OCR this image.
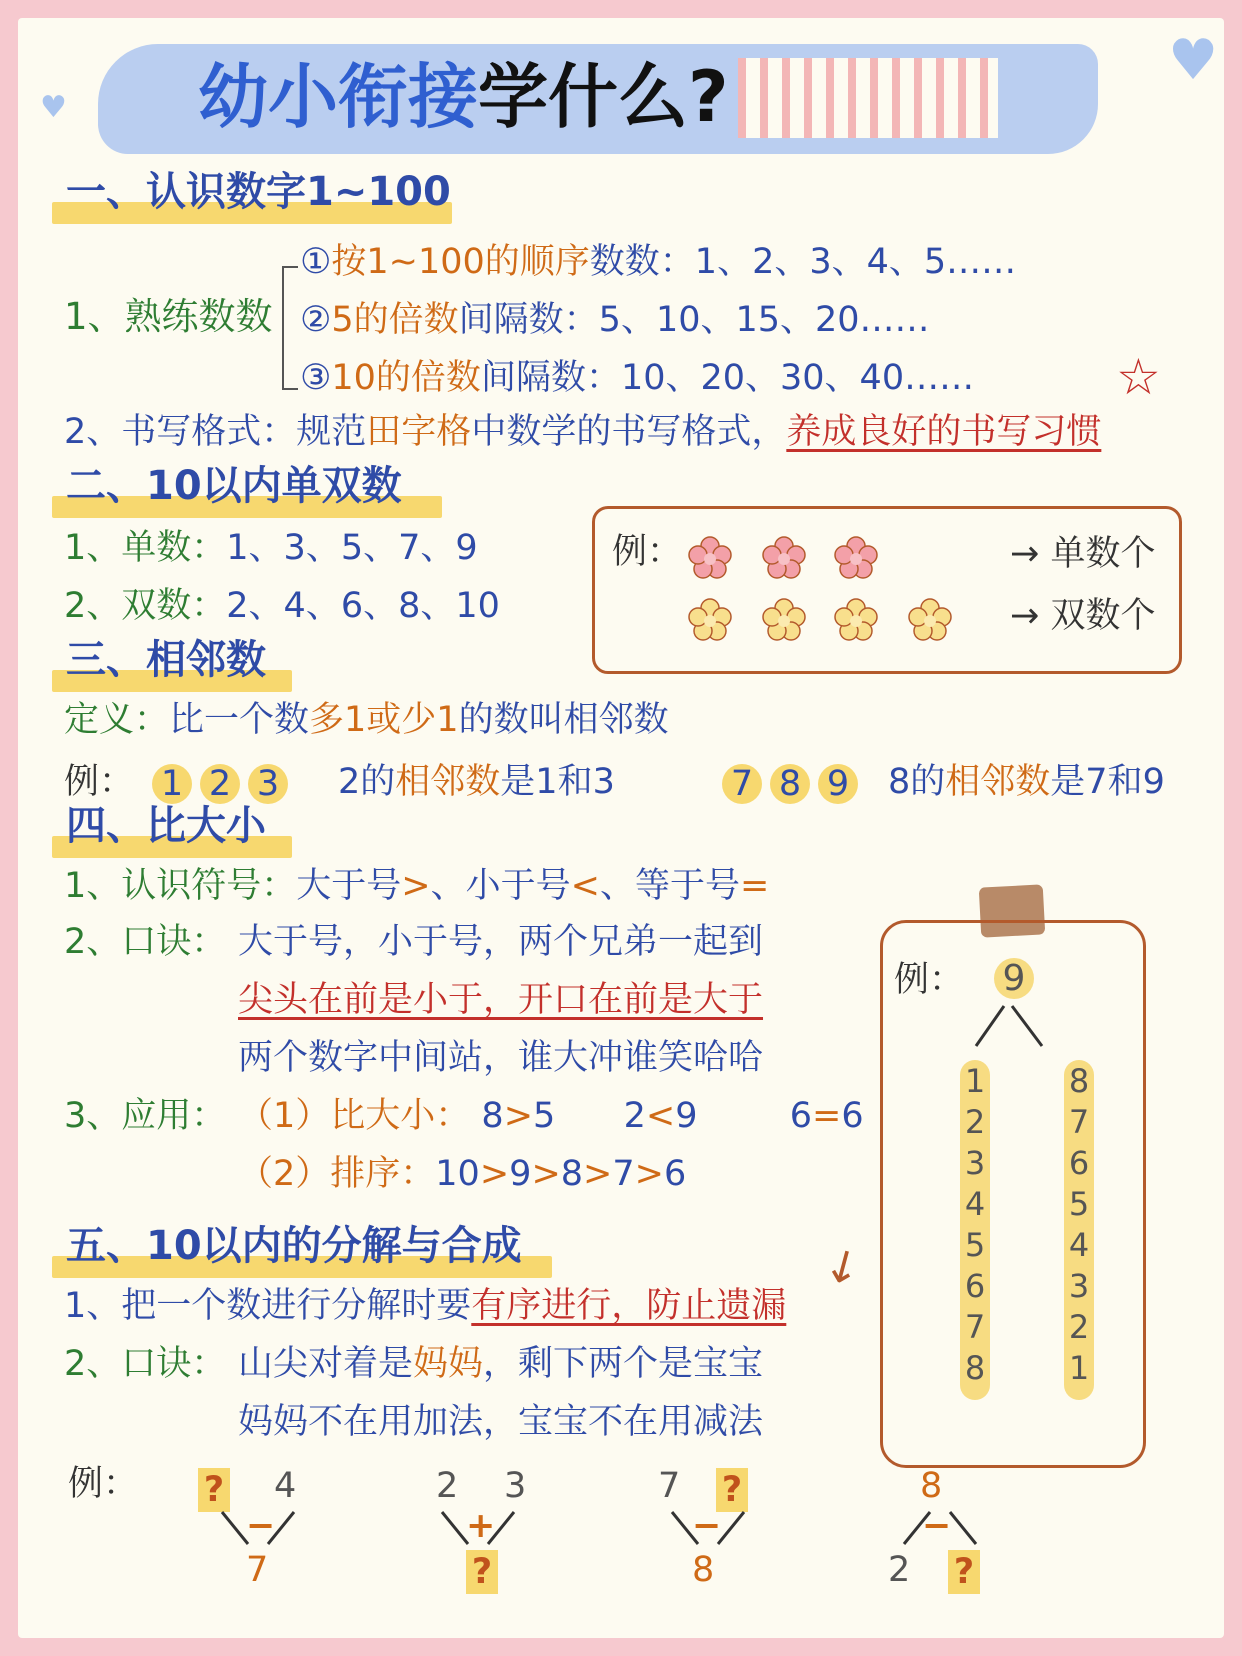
♥
♥
幼小衔接学什么?
一、认识数字1~100
1、熟练数数
①按1~100的顺序数数：1、2、3、4、5……
②5的倍数间隔数：5、10、15、20……
③10的倍数间隔数：10、20、30、40……	☆
2、书写格式：规范田字格中数学的书写格式，养成良好的书写习惯
二、10以内单双数
1、单数：1、3、5、7、9
2、双数：2、4、6、8、10
例：	→ 单数个
→ 双数个
三、相邻数
定义：比一个数多1或少1的数叫相邻数
例： 1 2 3	2的相邻数是1和3	7 8 9	8的相邻数是7和9
四、比大小
1、认识符号：大于号>、小于号<、等于号=
2、口诀： 大于号，小于号，两个兄弟一起到
尖头在前是小于，开口在前是大于
两个数字中间站，谁大冲谁笑哈哈
3、应用： （1）比大小： 8>5 2<9	6=6
（2）排序：10>9>8>7>6
例： 9
1
2
3
4
5
6
7
8
8
7
6
5
4
3
2
1
↙
五、10以内的分解与合成
1、把一个数进行分解时要有序进行，防止遗漏
2、口诀： 山尖对着是妈妈，剩下两个是宝宝
妈妈不在用加法，宝宝不在用减法
例： ? 4
−
7
2 3
+
?
7 ?
−
8
8
−
2 ?
